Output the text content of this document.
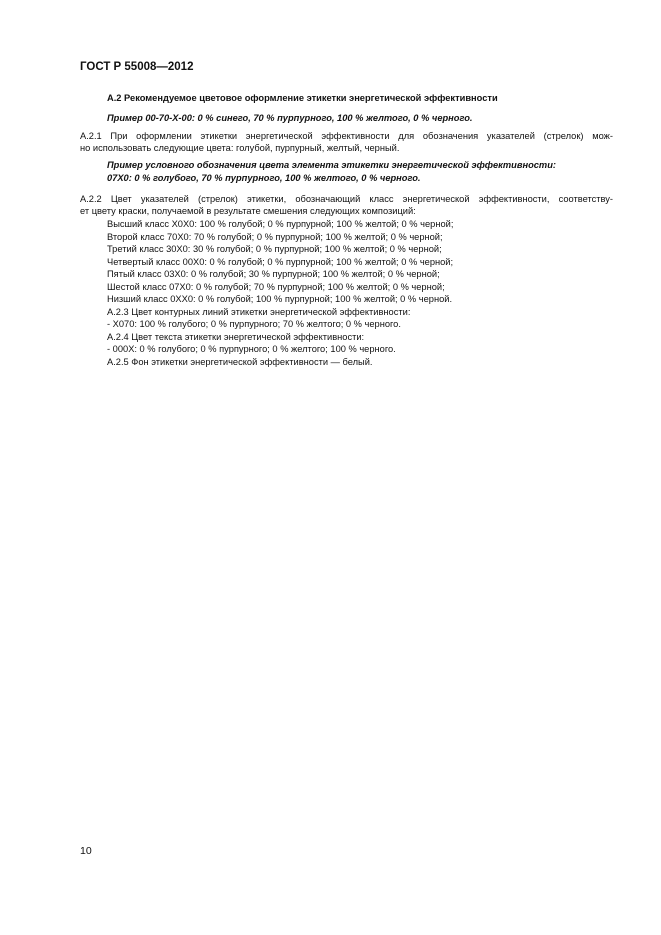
ГОСТ Р 55008—2012
А.2 Рекомендуемое цветовое оформление этикетки энергетической эффективности
Пример 00-70-Х-00: 0 % синего, 70 % пурпурного, 100 % желтого, 0 % черного.
А.2.1 При оформлении этикетки энергетической эффективности для обозначения указателей (стрелок) мож-
но использовать следующие цвета: голубой, пурпурный, желтый, черный.
Пример условного обозначения цвета элемента этикетки энергетической эффективности:
07Х0: 0 % голубого, 70 % пурпурного, 100 % желтого, 0 % черного.
А.2.2 Цвет указателей (стрелок) этикетки, обозначающий класс энергетической эффективности, соответству-
ет цвету краски, получаемой в результате смешения следующих композиций:
Высший класс Х0Х0: 100 % голубой; 0 % пурпурной; 100 % желтой; 0 % черной;
Второй класс 70Х0: 70 % голубой; 0 % пурпурной; 100 % желтой; 0 % черной;
Третий класс 30Х0: 30 % голубой; 0 % пурпурной; 100 % желтой; 0 % черной;
Четвертый класс 00Х0: 0 % голубой; 0 % пурпурной; 100 % желтой; 0 % черной;
Пятый класс 03Х0: 0 % голубой; 30 % пурпурной; 100 % желтой; 0 % черной;
Шестой класс 07Х0: 0 % голубой; 70 % пурпурной; 100 % желтой; 0 % черной;
Низший класс 0ХХ0: 0 % голубой; 100 % пурпурной; 100 % желтой; 0 % черной.
А.2.3 Цвет контурных линий этикетки энергетической эффективности:
- Х070: 100 % голубого; 0 % пурпурного; 70 % желтого; 0 % черного.
А.2.4 Цвет текста этикетки энергетической эффективности:
- 000Х: 0 % голубого; 0 % пурпурного; 0 % желтого; 100 % черного.
А.2.5 Фон этикетки энергетической эффективности — белый.
10
